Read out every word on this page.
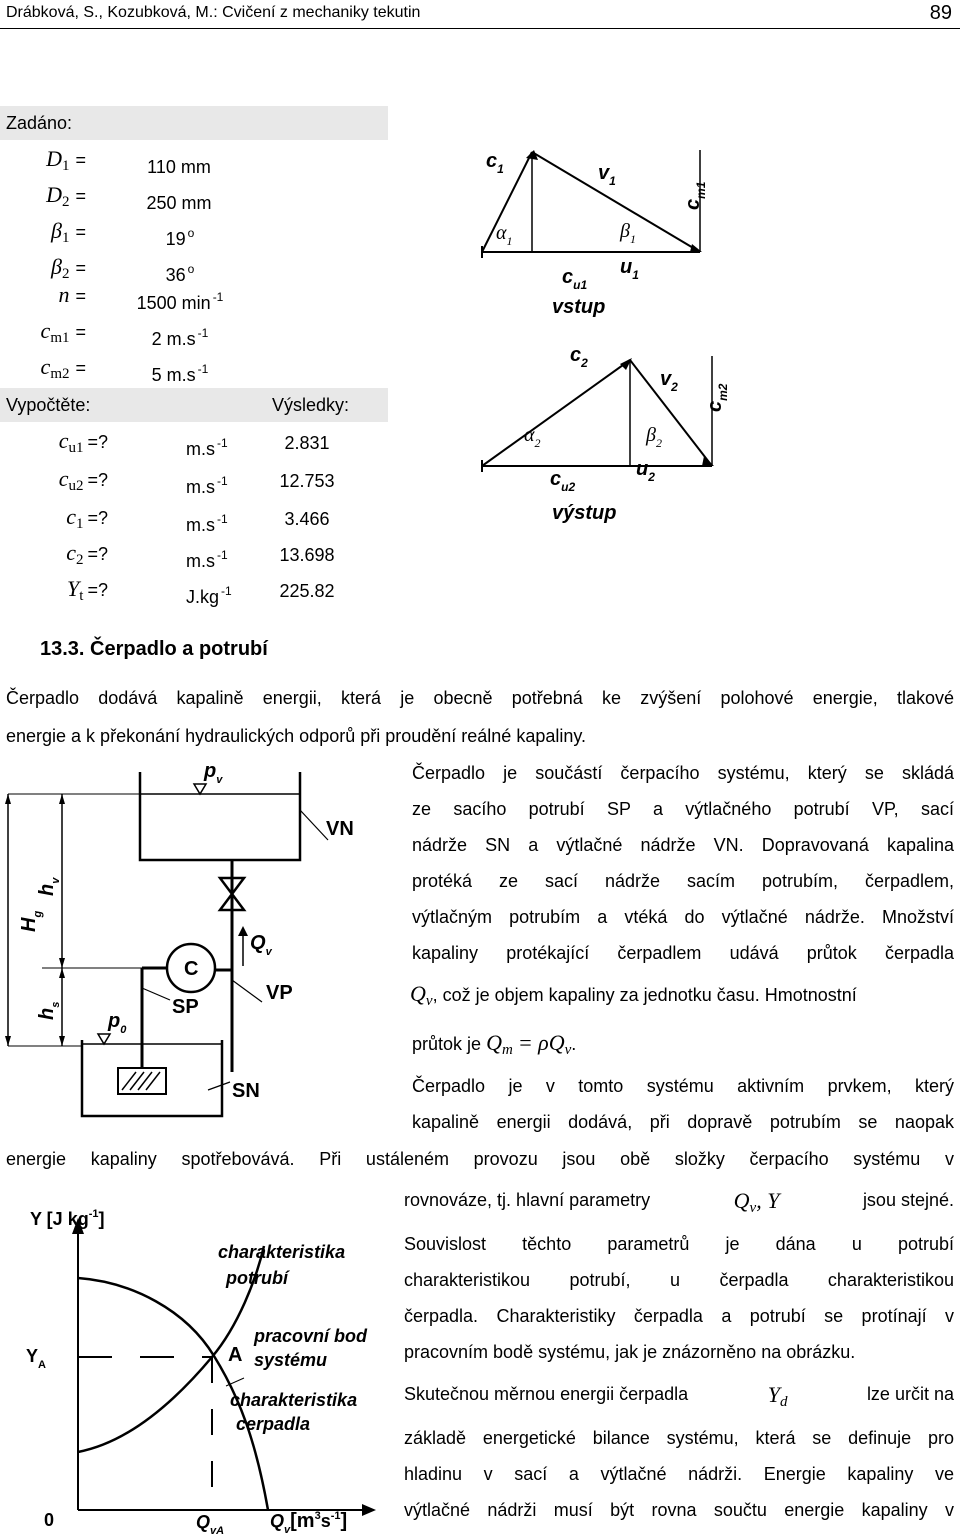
Drábková, S., Kozubková, M.: Cvičení z mechaniky tekutin	89
Zadáno:
$D_1$ =	110 mm
$D_2$ =	250 mm
$\beta_1$ =	19 $^o$
$\beta_2$ =	36 $^o$
n =	1500 min $^{-1}$
$c_{m1}$ =	2 m.s $^{-1}$
$c_{m2}$ =	5 m.s $^{-1}$
Vypočtěte:	Výsledky:
$c_{u1}$ =?	m.s $^{-1}$	2.831
$c_{u2}$ =?	m.s $^{-1}$	12.753
$c_1$ =?	m.s $^{-1}$	3.466
$c_2$ =?	m.s $^{-1}$	13.698
$Y_t$ =?	J.kg $^{-1}$	225.82
$c_1$	$v_1$
$\alpha_1$	$\beta_1$
$c_{u1}$
$u_1$
$c_{m1}$
vstup
$c_2$
$v_2$
$\alpha_2$	$\beta_2$
$c_{u2}$
$u_2$
$c_{m2}$
výstup
13.3. Čerpadlo a potrubí
Čerpadlo dodává kapalině energii, která je obecně potřebná ke zvýšení polohové energie, tlakové
energie a k překonání hydraulických odporů při proudění reálné kapaliny.
Čerpadlo je součástí čerpacího systému, který se skládá
ze sacího potrubí SP a výtlačného potrubí VP, sací
nádrže SN a výtlačné nádrže VN. Dopravovaná kapalina
protéká ze sací nádrže sacím potrubím, čerpadlem,
výtlačným potrubím a vtéká do výtlačné nádrže. Množství
kapaliny protékající čerpadlem udává průtok čerpadla
$Q_v$, což je objem kapaliny za jednotku času. Hmotnostní
průtok je $Q_m = \rho Q_v$.
Čerpadlo je v tomto systému aktivním prvkem, který
kapalině energii dodává, při dopravě potrubím se naopak
energie kapaliny spotřebovává. Při ustáleném provozu jsou obě složky čerpacího systému v
rovnováze, tj. hlavní parametry	$Q_v$, Y	jsou stejné.
Souvislost těchto parametrů je dána u potrubí
charakteristikou potrubí, u čerpadla charakteristikou
čerpadla. Charakteristiky čerpadla a potrubí se protínají v
pracovním bodě systému, jak je znázorněno na obrázku.
Skutečnou měrnou energii čerpadla	$Y_d$	lze určit na
základě energetické bilance systému, která se definuje pro
hladinu v sací a výtlačné nádrži. Energie kapaliny ve
výtlačné nádrži musí být rovna součtu energie kapaliny v
$p_v$
VN
$H_g$
$h_v$
$h_s$
$Q_v$
C
VP
SP
$p_0$
SN
Y [J $kg^{-1}$]
$Y_A$
0	$Q_{vA}$	$Q_v[m^3s^{-1}]$
charakteristika
potrubí
A
pracovní bod
systému
charakteristika
cerpadla
